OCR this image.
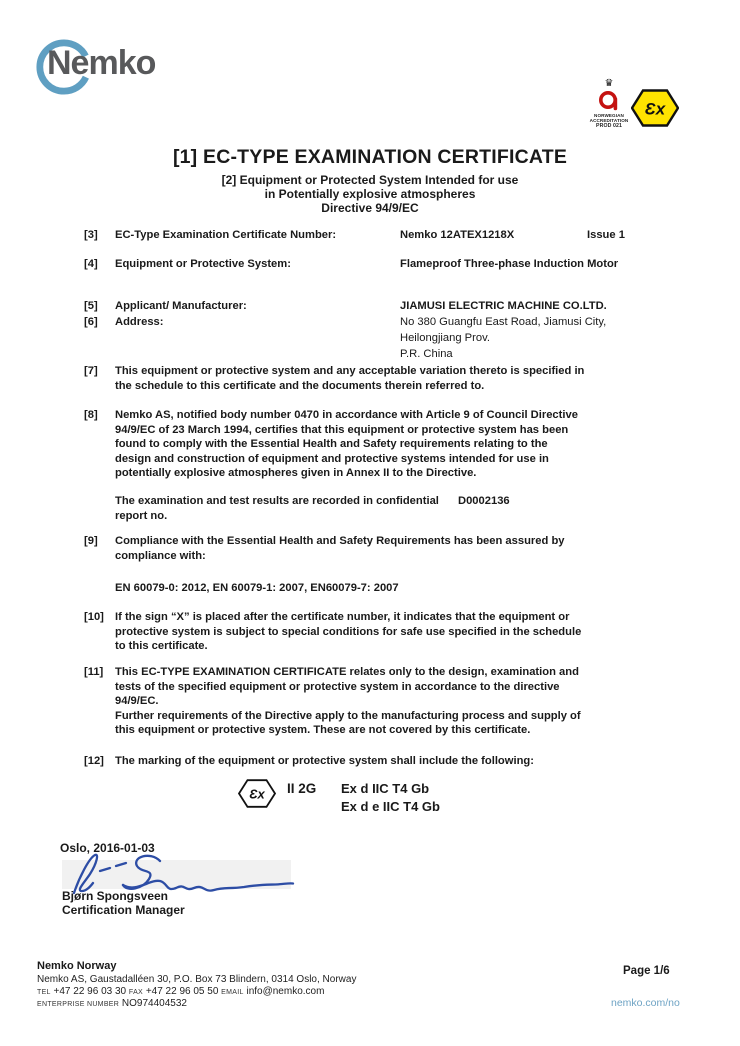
Nemko
♛
NORWEGIAN
ACCREDITATION
PROD 021
Ɛx
[1] EC-TYPE EXAMINATION CERTIFICATE
[2] Equipment or Protected System Intended for use
in Potentially explosive atmospheres
Directive 94/9/EC
[3] EC-Type Examination Certificate Number:	Nemko 12ATEX1218X	Issue 1
[4] Equipment or Protective System:	Flameproof Three-phase Induction Motor
[5] Applicant/ Manufacturer:	JIAMUSI ELECTRIC MACHINE CO.LTD.
[6] Address:	No 380 Guangfu East Road, Jiamusi City,
Heilongjiang Prov.
P.R. China
[7] This equipment or protective system and any acceptable variation thereto is specified in
the schedule to this certificate and the documents therein referred to.
[8] Nemko AS, notified body number 0470 in accordance with Article 9 of Council Directive
94/9/EC of 23 March 1994, certifies that this equipment or protective system has been
found to comply with the Essential Health and Safety requirements relating to the
design and construction of equipment and protective systems intended for use in
potentially explosive atmospheres given in Annex II to the Directive.
The examination and test results are recorded in confidential
report no.
D0002136
[9] Compliance with the Essential Health and Safety Requirements has been assured by
compliance with:
EN 60079-0: 2012, EN 60079-1: 2007, EN60079-7: 2007
[10] If the sign “X” is placed after the certificate number, it indicates that the equipment or
protective system is subject to special conditions for safe use specified in the schedule
to this certificate.
[11] This EC-TYPE EXAMINATION CERTIFICATE relates only to the design, examination and
tests of the specified equipment or protective system in accordance to the directive
94/9/EC.
Further requirements of the Directive apply to the manufacturing process and supply of
this equipment or protective system. These are not covered by this certificate.
[12] The marking of the equipment or protective system shall include the following:
Ɛx II 2G Ex d IIC T4 Gb
Ex d e IIC T4 Gb
Oslo, 2016-01-03
Bjørn Spongsveen
Certification Manager
Nemko Norway
Nemko AS, Gaustadalléen 30, P.O. Box 73 Blindern, 0314 Oslo, Norway
TEL +47 22 96 03 30 FAX +47 22 96 05 50 EMAIL info@nemko.com
ENTERPRISE NUMBER NO974404532
Page 1/6
nemko.com/no
